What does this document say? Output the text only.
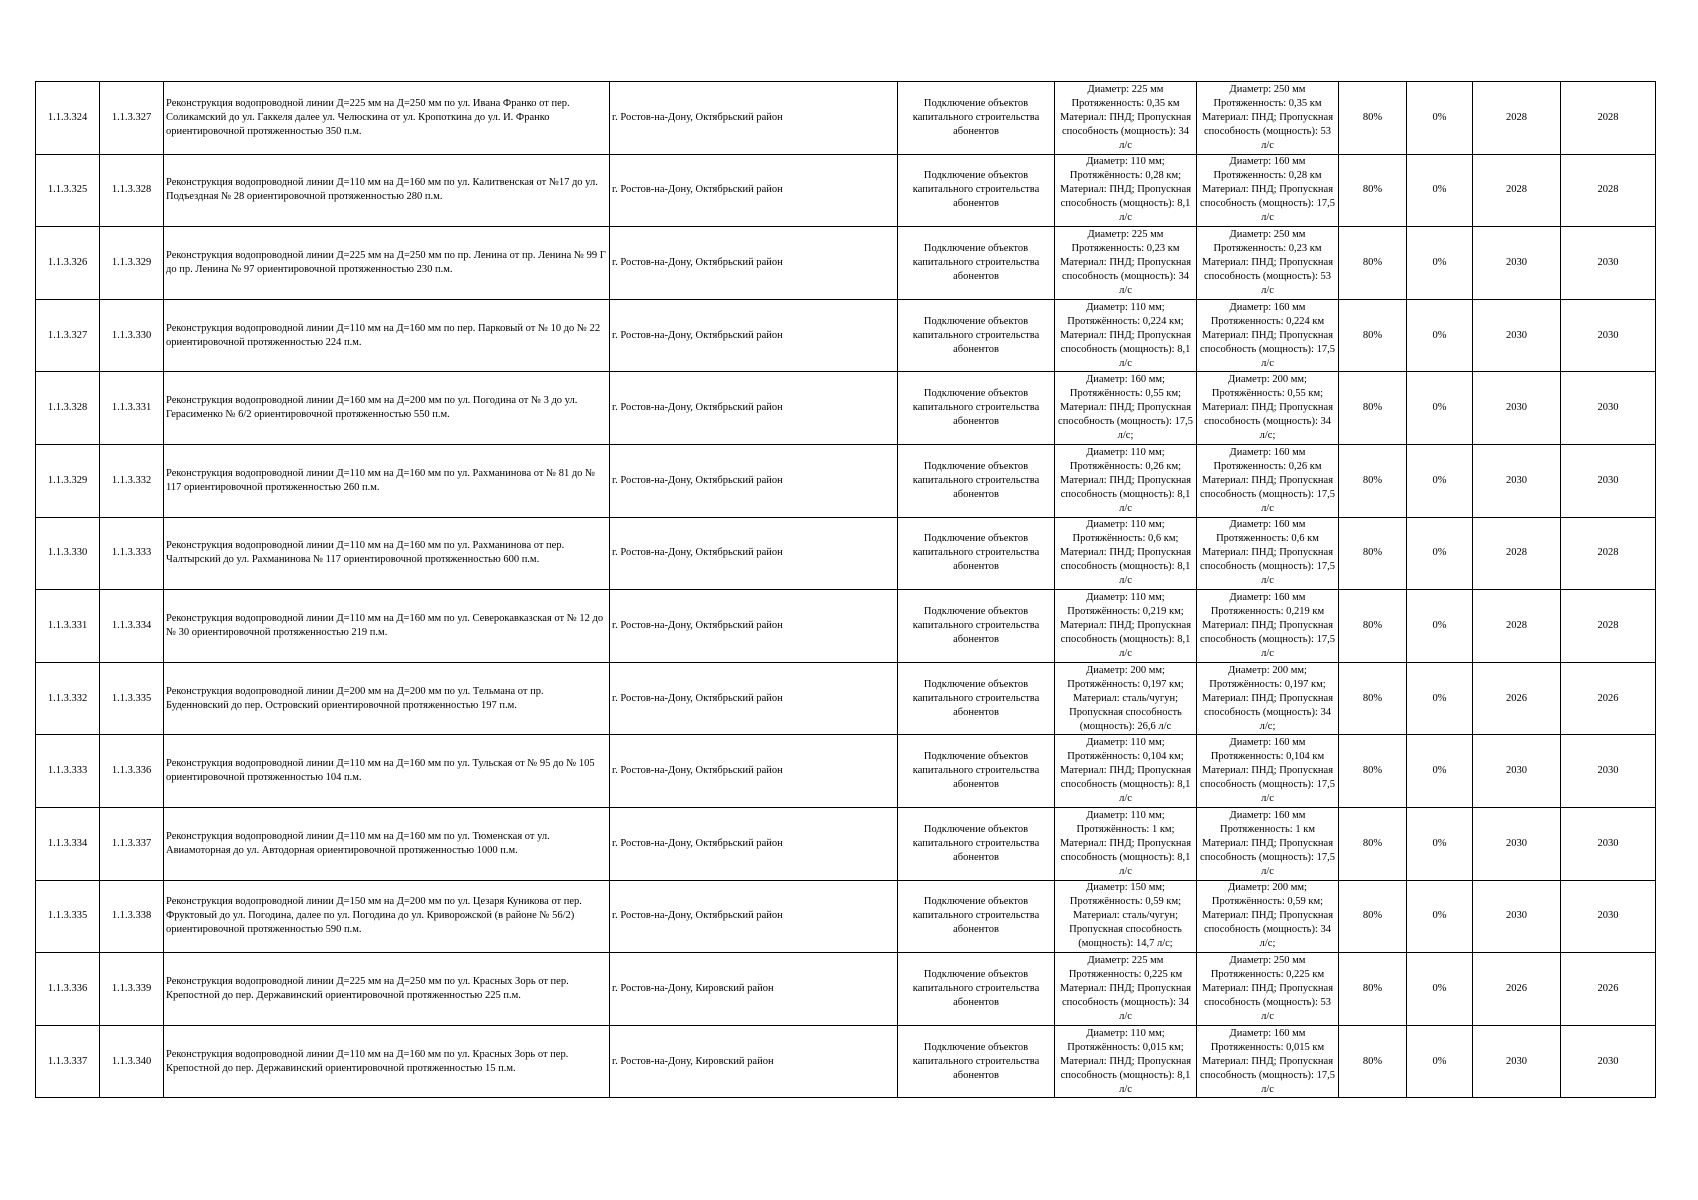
1.1.3.324	1.1.3.327	Реконструкция водопроводной линии Д=225 мм на Д=250 мм по ул. Ивана Франко от пер. Соликамский до ул. Гаккеля далее ул. Челюскина от ул. Кропоткина до ул. И. Франко ориентировочной протяженностью 350 п.м.	г. Ростов-на-Дону, Октябрьский район	Подключение объектов капитального строительства абонентов	Диаметр: 225 мм Протяженность: 0,35 км Материал: ПНД; Пропускная способность (мощность): 34 л/с	Диаметр: 250 мм Протяженность: 0,35 км Материал: ПНД; Пропускная способность (мощность): 53 л/с	80%	0%	2028	2028
1.1.3.325	1.1.3.328	Реконструкция водопроводной линии Д=110 мм на Д=160 мм по ул. Калитвенская от №17 до ул. Подъездная № 28 ориентировочной протяженностью 280 п.м.	г. Ростов-на-Дону, Октябрьский район	Подключение объектов капитального строительства абонентов	Диаметр: 110 мм; Протяжённость: 0,28 км; Материал: ПНД; Пропускная способность (мощность): 8,1 л/с	Диаметр: 160 мм Протяженность: 0,28 км Материал: ПНД; Пропускная способность (мощность): 17,5 л/с	80%	0%	2028	2028
1.1.3.326	1.1.3.329	Реконструкция водопроводной линии Д=225 мм на Д=250 мм по пр. Ленина от пр. Ленина № 99 Г до пр. Ленина № 97 ориентировочной протяженностью 230 п.м.	г. Ростов-на-Дону, Октябрьский район	Подключение объектов капитального строительства абонентов	Диаметр: 225 мм Протяженность: 0,23 км Материал: ПНД; Пропускная способность (мощность): 34 л/с	Диаметр: 250 мм Протяженность: 0,23 км Материал: ПНД; Пропускная способность (мощность): 53 л/с	80%	0%	2030	2030
1.1.3.327	1.1.3.330	Реконструкция водопроводной линии Д=110 мм на Д=160 мм по пер. Парковый от № 10 до № 22 ориентировочной протяженностью 224 п.м.	г. Ростов-на-Дону, Октябрьский район	Подключение объектов капитального строительства абонентов	Диаметр: 110 мм; Протяжённость: 0,224 км; Материал: ПНД; Пропускная способность (мощность): 8,1 л/с	Диаметр: 160 мм Протяженность: 0,224 км Материал: ПНД; Пропускная способность (мощность): 17,5 л/с	80%	0%	2030	2030
1.1.3.328	1.1.3.331	Реконструкция водопроводной линии Д=160 мм на Д=200 мм по ул. Погодина от № 3 до ул. Герасименко № 6/2 ориентировочной протяженностью 550 п.м.	г. Ростов-на-Дону, Октябрьский район	Подключение объектов капитального строительства абонентов	Диаметр: 160 мм; Протяжённость: 0,55 км; Материал: ПНД; Пропускная способность (мощность): 17,5 л/с;	Диаметр: 200 мм; Протяжённость: 0,55 км; Материал: ПНД; Пропускная способность (мощность): 34 л/с;	80%	0%	2030	2030
1.1.3.329	1.1.3.332	Реконструкция водопроводной линии Д=110 мм на Д=160 мм по ул. Рахманинова от № 81 до № 117 ориентировочной протяженностью 260 п.м.	г. Ростов-на-Дону, Октябрьский район	Подключение объектов капитального строительства абонентов	Диаметр: 110 мм; Протяжённость: 0,26 км; Материал: ПНД; Пропускная способность (мощность): 8,1 л/с	Диаметр: 160 мм Протяженность: 0,26 км Материал: ПНД; Пропускная способность (мощность): 17,5 л/с	80%	0%	2030	2030
1.1.3.330	1.1.3.333	Реконструкция водопроводной линии Д=110 мм на Д=160 мм по ул. Рахманинова от пер. Чалтырский до ул. Рахманинова № 117 ориентировочной протяженностью 600 п.м.	г. Ростов-на-Дону, Октябрьский район	Подключение объектов капитального строительства абонентов	Диаметр: 110 мм; Протяжённость: 0,6 км; Материал: ПНД; Пропускная способность (мощность): 8,1 л/с	Диаметр: 160 мм Протяженность: 0,6 км Материал: ПНД; Пропускная способность (мощность): 17,5 л/с	80%	0%	2028	2028
1.1.3.331	1.1.3.334	Реконструкция водопроводной линии Д=110 мм на Д=160 мм по ул. Северокавказская от № 12 до № 30 ориентировочной протяженностью 219 п.м.	г. Ростов-на-Дону, Октябрьский район	Подключение объектов капитального строительства абонентов	Диаметр: 110 мм; Протяжённость: 0,219 км; Материал: ПНД; Пропускная способность (мощность): 8,1 л/с	Диаметр: 160 мм Протяженность: 0,219 км Материал: ПНД; Пропускная способность (мощность): 17,5 л/с	80%	0%	2028	2028
1.1.3.332	1.1.3.335	Реконструкция водопроводной линии Д=200 мм на Д=200 мм по ул. Тельмана от пр. Буденновский до пер. Островский ориентировочной протяженностью 197 п.м.	г. Ростов-на-Дону, Октябрьский район	Подключение объектов капитального строительства абонентов	Диаметр: 200 мм; Протяжённость: 0,197 км; Материал: сталь/чугун; Пропускная способность (мощность): 26,6 л/с	Диаметр: 200 мм; Протяжённость: 0,197 км; Материал: ПНД; Пропускная способность (мощность): 34 л/с;	80%	0%	2026	2026
1.1.3.333	1.1.3.336	Реконструкция водопроводной линии Д=110 мм на Д=160 мм по ул. Тульская от № 95 до № 105 ориентировочной протяженностью 104 п.м.	г. Ростов-на-Дону, Октябрьский район	Подключение объектов капитального строительства абонентов	Диаметр: 110 мм; Протяжённость: 0,104 км; Материал: ПНД; Пропускная способность (мощность): 8,1 л/с	Диаметр: 160 мм Протяженность: 0,104 км Материал: ПНД; Пропускная способность (мощность): 17,5 л/с	80%	0%	2030	2030
1.1.3.334	1.1.3.337	Реконструкция водопроводной линии Д=110 мм на Д=160 мм по ул. Тюменская от ул. Авиамоторная до ул. Автодорная ориентировочной протяженностью 1000 п.м.	г. Ростов-на-Дону, Октябрьский район	Подключение объектов капитального строительства абонентов	Диаметр: 110 мм; Протяжённость: 1 км; Материал: ПНД; Пропускная способность (мощность): 8,1 л/с	Диаметр: 160 мм Протяженность: 1 км Материал: ПНД; Пропускная способность (мощность): 17,5 л/с	80%	0%	2030	2030
1.1.3.335	1.1.3.338	Реконструкция водопроводной линии Д=150 мм на Д=200 мм по ул. Цезаря Куникова от пер. Фруктовый до ул. Погодина, далее по ул. Погодина до ул. Криворожской (в районе № 56/2) ориентировочной протяженностью 590 п.м.	г. Ростов-на-Дону, Октябрьский район	Подключение объектов капитального строительства абонентов	Диаметр: 150 мм; Протяжённость: 0,59 км; Материал: сталь/чугун; Пропускная способность (мощность): 14,7 л/с;	Диаметр: 200 мм; Протяжённость: 0,59 км; Материал: ПНД; Пропускная способность (мощность): 34 л/с;	80%	0%	2030	2030
1.1.3.336	1.1.3.339	Реконструкция водопроводной линии Д=225 мм на Д=250 мм по ул. Красных Зорь от пер. Крепостной до пер. Державинский ориентировочной протяженностью 225 п.м.	г. Ростов-на-Дону, Кировский район	Подключение объектов капитального строительства абонентов	Диаметр: 225 мм Протяженность: 0,225 км Материал: ПНД; Пропускная способность (мощность): 34 л/с	Диаметр: 250 мм Протяженность: 0,225 км Материал: ПНД; Пропускная способность (мощность): 53 л/с	80%	0%	2026	2026
1.1.3.337	1.1.3.340	Реконструкция водопроводной линии Д=110 мм на Д=160 мм по ул. Красных Зорь от пер. Крепостной до пер. Державинский ориентировочной протяженностью 15 п.м.	г. Ростов-на-Дону, Кировский район	Подключение объектов капитального строительства абонентов	Диаметр: 110 мм; Протяжённость: 0,015 км; Материал: ПНД; Пропускная способность (мощность): 8,1 л/с	Диаметр: 160 мм Протяженность: 0,015 км Материал: ПНД; Пропускная способность (мощность): 17,5 л/с	80%	0%	2030	2030
